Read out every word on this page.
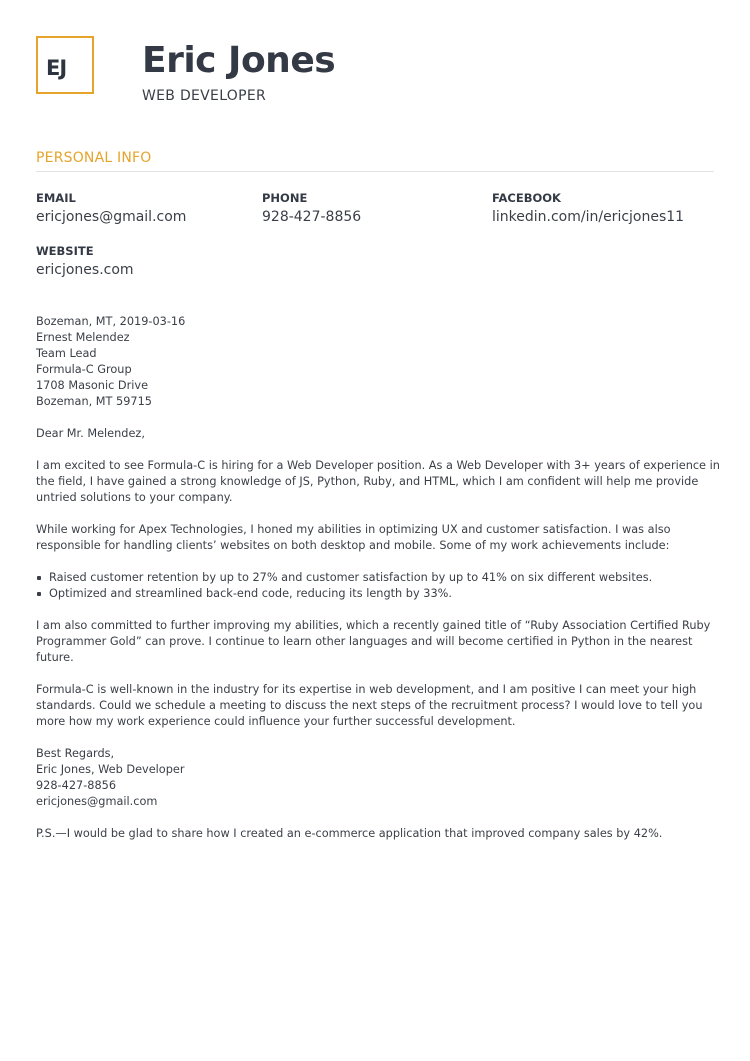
EJ Eric Jones
WEB DEVELOPER
PERSONAL INFO
EMAIL
ericjones@gmail.com
PHONE
928-427-8856
FACEBOOK
linkedin.com/in/ericjones11
WEBSITE
ericjones.com
Bozeman, MT, 2019-03-16
Ernest Melendez
Team Lead
Formula-C Group
1708 Masonic Drive
Bozeman, MT 59715

Dear Mr. Melendez,

I am excited to see Formula-C is hiring for a Web Developer position. As a Web Developer with 3+ years of experience in the field, I have gained a strong knowledge of JS, Python, Ruby, and HTML, which I am confident will help me provide untried solutions to your company.

While working for Apex Technologies, I honed my abilities in optimizing UX and customer satisfaction. I was also responsible for handling clients’ websites on both desktop and mobile. Some of my work achievements include:

Raised customer retention by up to 27% and customer satisfaction by up to 41% on six different websites.
Optimized and streamlined back-end code, reducing its length by 33%.

I am also committed to further improving my abilities, which a recently gained title of “Ruby Association Certified Ruby Programmer Gold” can prove. I continue to learn other languages and will become certified in Python in the nearest future.

Formula-C is well-known in the industry for its expertise in web development, and I am positive I can meet your high standards. Could we schedule a meeting to discuss the next steps of the recruitment process? I would love to tell you more how my work experience could influence your further successful development.

Best Regards,
Eric Jones, Web Developer
928-427-8856
ericjones@gmail.com

P.S.—I would be glad to share how I created an e-commerce application that improved company sales by 42%.
